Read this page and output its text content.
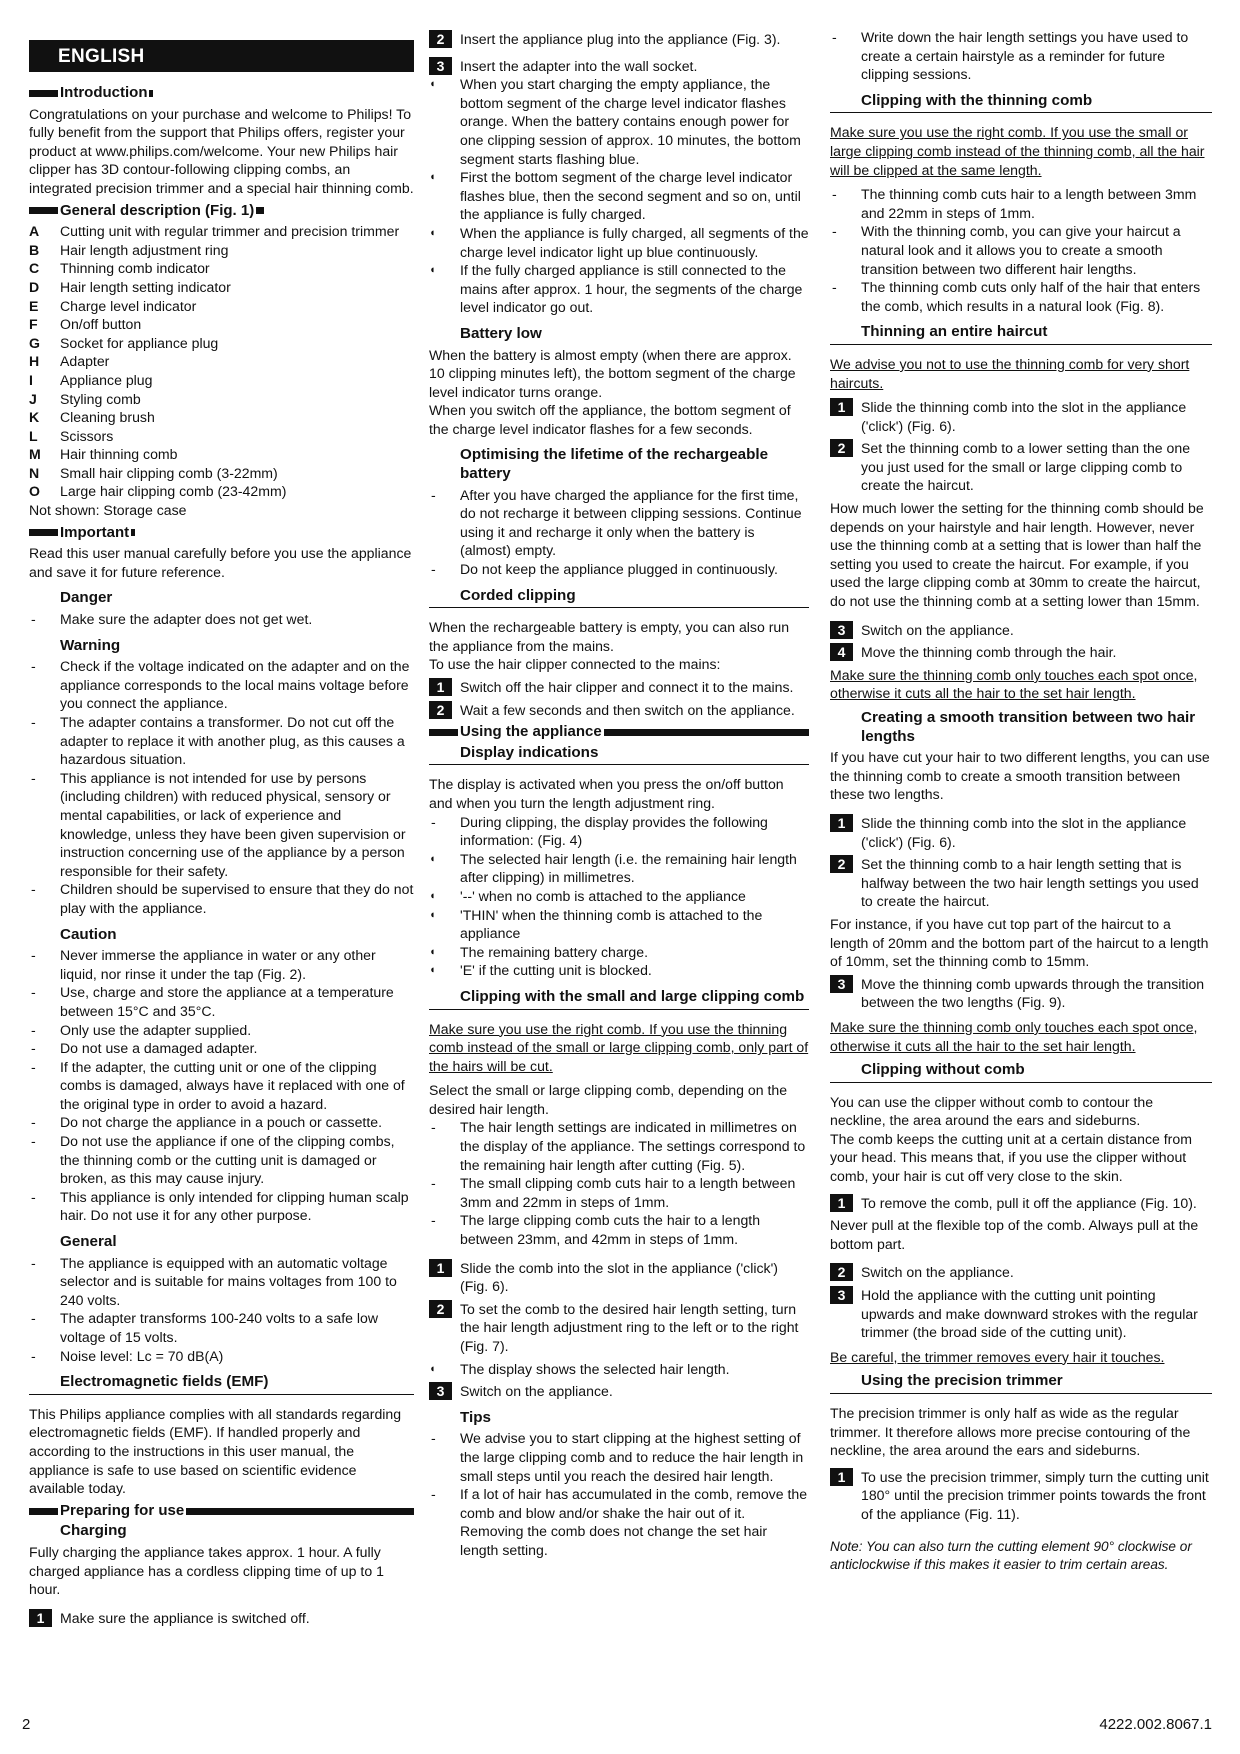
ENGLISH
Introduction

Congratulations on your purchase and welcome to Philips! To fully benefit from the support that Philips offers, register your product at www.philips.com/welcome. Your new Philips hair clipper has 3D contour-following clipping combs, an integrated precision trimmer and a special hair thinning comb.

General description (Fig. 1)
A	Cutting unit with regular trimmer and precision trimmer
B	Hair length adjustment ring
C	Thinning comb indicator
D	Hair length setting indicator
E	Charge level indicator
F	On/off button
G	Socket for appliance plug
H	Adapter
I	Appliance plug
J	Styling comb
K	Cleaning brush
L	Scissors
M	Hair thinning comb
N	Small hair clipping comb (3-22mm)
O	Large hair clipping comb (23-42mm)

Not shown: Storage case

Important

Read this user manual carefully before you use the appliance and save it for future reference.

Danger
-	Make sure the adapter does not get wet.
Warning
-	Check if the voltage indicated on the adapter and on the appliance corresponds to the local mains voltage before you connect the appliance.
-	The adapter contains a transformer. Do not cut off the adapter to replace it with another plug, as this causes a hazardous situation.
-	This appliance is not intended for use by persons (including children) with reduced physical, sensory or mental capabilities, or lack of experience and knowledge, unless they have been given supervision or instruction concerning use of the appliance by a person responsible for their safety.
-	Children should be supervised to ensure that they do not play with the appliance.
Caution
-	Never immerse the appliance in water or any other liquid, nor rinse it under the tap (Fig. 2).
-	Use, charge and store the appliance at a temperature between 15°C and 35°C.
-	Only use the adapter supplied.
-	Do not use a damaged adapter.
-	If the adapter, the cutting unit or one of the clipping combs is damaged, always have it replaced with one of the original type in order to avoid a hazard.
-	Do not charge the appliance in a pouch or cassette.
-	Do not use the appliance if one of the clipping combs, the thinning comb or the cutting unit is damaged or broken, as this may cause injury.
-	This appliance is only intended for clipping human scalp hair. Do not use it for any other purpose.
General
-	The appliance is equipped with an automatic voltage selector and is suitable for mains voltages from 100 to 240 volts.
-	The adapter transforms 100-240 volts to a safe low voltage of 15 volts.
-	Noise level: Lc = 70 dB(A)
Electromagnetic fields (EMF)

This Philips appliance complies with all standards regarding electromagnetic fields (EMF). If handled properly and according to the instructions in this user manual, the appliance is safe to use based on scientific evidence available today.

Preparing for use
Charging

Fully charging the appliance takes approx. 1 hour. A fully charged appliance has a cordless clipping time of up to 1 hour.

1	Make sure the appliance is switched off.
2	Insert the appliance plug into the appliance (Fig. 3).
3	Insert the adapter into the wall socket.
◖	When you start charging the empty appliance, the bottom segment of the charge level indicator flashes orange. When the battery contains enough power for one clipping session of approx. 10 minutes, the bottom segment starts flashing blue.
◖	First the bottom segment of the charge level indicator flashes blue, then the second segment and so on, until the appliance is fully charged.
◖	When the appliance is fully charged, all segments of the charge level indicator light up blue continuously.
◖	If the fully charged appliance is still connected to the mains after approx. 1 hour, the segments of the charge level indicator go out.
Battery low

When the battery is almost empty (when there are approx. 10 clipping minutes left), the bottom segment of the charge level indicator turns orange.

When you switch off the appliance, the bottom segment of the charge level indicator flashes for a few seconds.

Optimising the lifetime of the rechargeable battery
-	After you have charged the appliance for the first time, do not recharge it between clipping sessions. Continue using it and recharge it only when the battery is (almost) empty.
-	Do not keep the appliance plugged in continuously.
Corded clipping

When the rechargeable battery is empty, you can also run the appliance from the mains.

To use the hair clipper connected to the mains:

1	Switch off the hair clipper and connect it to the mains.
2	Wait a few seconds and then switch on the appliance.
Using the appliance
Display indications

The display is activated when you press the on/off button and when you turn the length adjustment ring.

-	During clipping, the display provides the following information: (Fig. 4)
◖	The selected hair length (i.e. the remaining hair length after clipping) in millimetres.
◖	'--' when no comb is attached to the appliance
◖	'THIN' when the thinning comb is attached to the appliance
◖	The remaining battery charge.
◖	'E' if the cutting unit is blocked.
Clipping with the small and large clipping comb

Make sure you use the right comb. If you use the thinning comb instead of the small or large clipping comb, only part of the hairs will be cut.

Select the small or large clipping comb, depending on the desired hair length.

-	The hair length settings are indicated in millimetres on the display of the appliance. The settings correspond to the remaining hair length after cutting (Fig. 5).
-	The small clipping comb cuts hair to a length between 3mm and 22mm in steps of 1mm.
-	The large clipping comb cuts the hair to a length between 23mm, and 42mm in steps of 1mm.
1	Slide the comb into the slot in the appliance ('click') (Fig. 6).
2	To set the comb to the desired hair length setting, turn the hair length adjustment ring to the left or to the right (Fig. 7).
◖	The display shows the selected hair length.
3	Switch on the appliance.
Tips
-	We advise you to start clipping at the highest setting of the large clipping comb and to reduce the hair length in small steps until you reach the desired hair length.
-	If a lot of hair has accumulated in the comb, remove the comb and blow and/or shake the hair out of it. Removing the comb does not change the set hair length setting.
-	Write down the hair length settings you have used to create a certain hairstyle as a reminder for future clipping sessions.
Clipping with the thinning comb

Make sure you use the right comb. If you use the small or large clipping comb instead of the thinning comb, all the hair will be clipped at the same length.

-	The thinning comb cuts hair to a length between 3mm and 22mm in steps of 1mm.
-	With the thinning comb, you can give your haircut a natural look and it allows you to create a smooth transition between two different hair lengths.
-	The thinning comb cuts only half of the hair that enters the comb, which results in a natural look (Fig. 8).
Thinning an entire haircut

We advise you not to use the thinning comb for very short haircuts.

1	Slide the thinning comb into the slot in the appliance ('click') (Fig. 6).
2	Set the thinning comb to a lower setting than the one you just used for the small or large clipping comb to create the haircut.

How much lower the setting for the thinning comb should be depends on your hairstyle and hair length. However, never use the thinning comb at a setting that is lower than half the setting you used to create the haircut. For example, if you used the large clipping comb at 30mm to create the haircut, do not use the thinning comb at a setting lower than 15mm.

3	Switch on the appliance.
4	Move the thinning comb through the hair.

Make sure the thinning comb only touches each spot once, otherwise it cuts all the hair to the set hair length.

Creating a smooth transition between two hair lengths

If you have cut your hair to two different lengths, you can use the thinning comb to create a smooth transition between these two lengths.

1	Slide the thinning comb into the slot in the appliance ('click') (Fig. 6).
2	Set the thinning comb to a hair length setting that is halfway between the two hair length settings you used to create the haircut.

For instance, if you have cut top part of the haircut to a length of 20mm and the bottom part of the haircut to a length of 10mm, set the thinning comb to 15mm.

3	Move the thinning comb upwards through the transition between the two lengths (Fig. 9).

Make sure the thinning comb only touches each spot once, otherwise it cuts all the hair to the set hair length.

Clipping without comb

You can use the clipper without comb to contour the neckline, the area around the ears and sideburns.

The comb keeps the cutting unit at a certain distance from your head. This means that, if you use the clipper without comb, your hair is cut off very close to the skin.

1	To remove the comb, pull it off the appliance (Fig. 10).

Never pull at the flexible top of the comb. Always pull at the bottom part.

2	Switch on the appliance.
3	Hold the appliance with the cutting unit pointing upwards and make downward strokes with the regular trimmer (the broad side of the cutting unit).

Be careful, the trimmer removes every hair it touches.

Using the precision trimmer

The precision trimmer is only half as wide as the regular trimmer. It therefore allows more precise contouring of the neckline, the area around the ears and sideburns.

1	To use the precision trimmer, simply turn the cutting unit 180° until the precision trimmer points towards the front of the appliance (Fig. 11).

Note: You can also turn the cutting element 90° clockwise or anticlockwise if this makes it easier to trim certain areas.

2	4222.002.8067.1
